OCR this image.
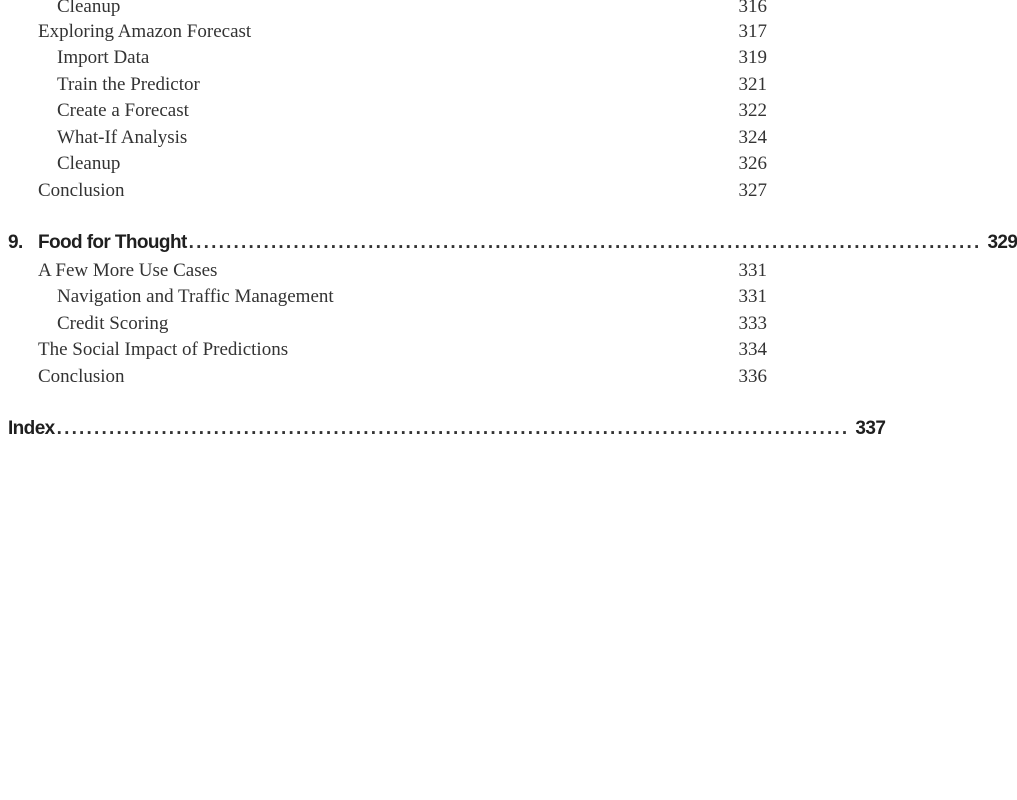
Cleanup	316
Exploring Amazon Forecast	317
Import Data	319
Train the Predictor	321
Create a Forecast	322
What-If Analysis	324
Cleanup	326
Conclusion	327
9. Food for Thought .......................................................................................................... 329
A Few More Use Cases	331
Navigation and Traffic Management	331
Credit Scoring	333
The Social Impact of Predictions	334
Conclusion	336
Index .......................................................................................................... 337
